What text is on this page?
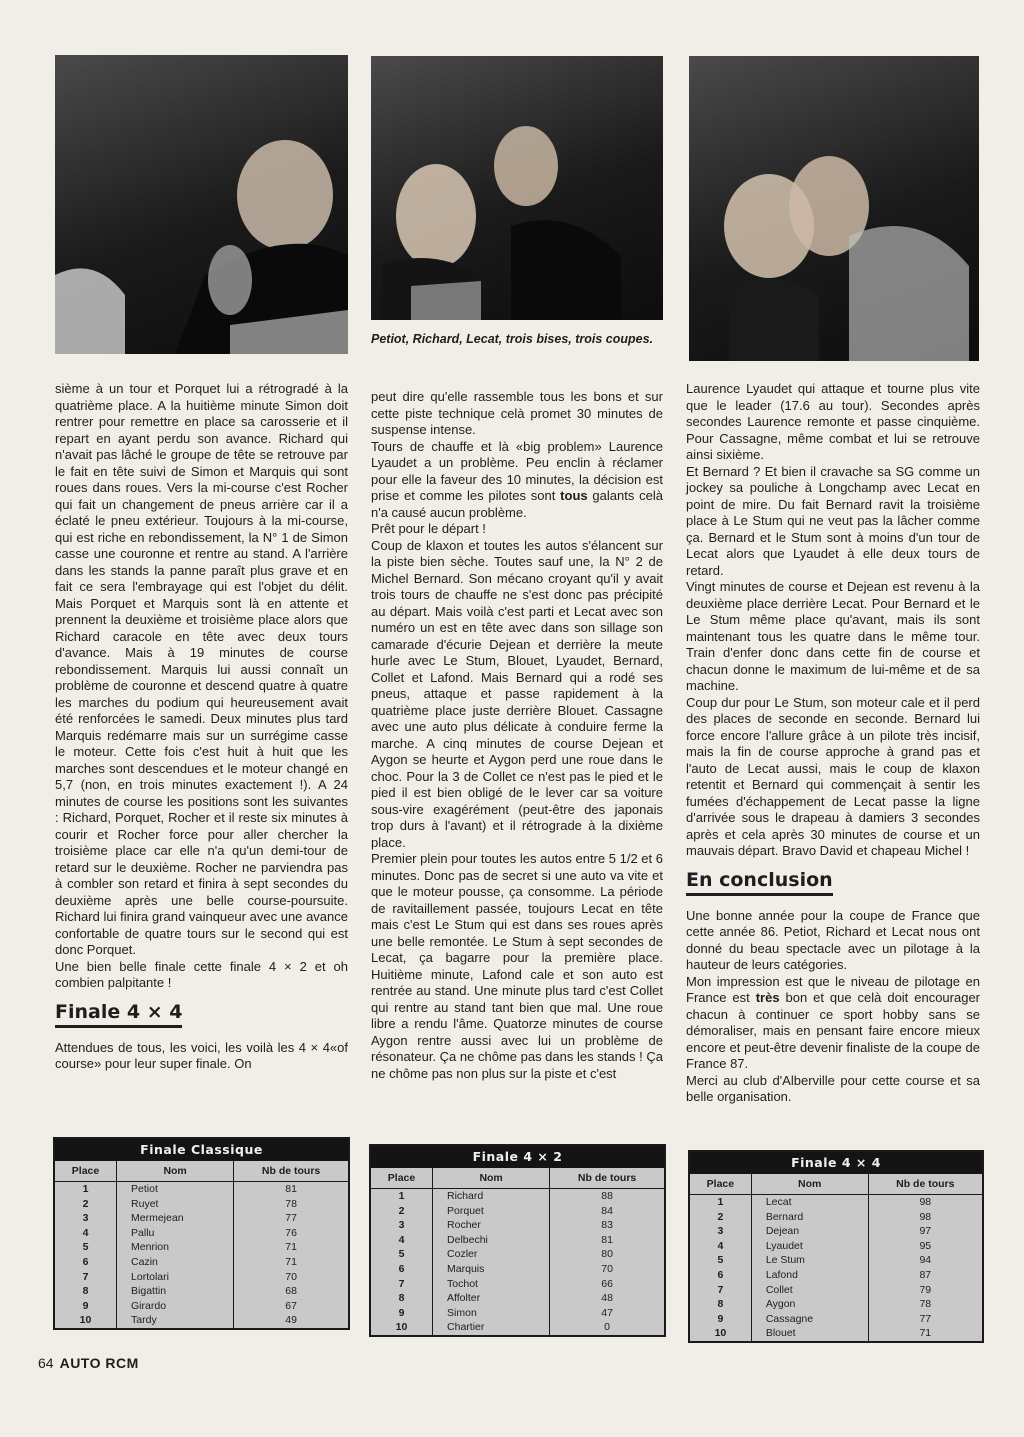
Petiot, Richard, Lecat, trois bises, trois coupes.

sième à un tour et Porquet lui a rétrogradé à la quatrième place. A la huitième minute Simon doit rentrer pour remettre en place sa carosserie et il repart en ayant perdu son avance. Richard qui n'avait pas lâché le groupe de tête se retrouve par le fait en tête suivi de Simon et Marquis qui sont roues dans roues. Vers la mi-course c'est Rocher qui fait un changement de pneus arrière car il a éclaté le pneu extérieur. Toujours à la mi-course, qui est riche en rebondissement, la N° 1 de Simon casse une couronne et rentre au stand. A l'arrière dans les stands la panne paraît plus grave et en fait ce sera l'embrayage qui est l'objet du délit. Mais Porquet et Marquis sont là en attente et prennent la deuxième et troisième place alors que Richard caracole en tête avec deux tours d'avance. Mais à 19 minutes de course rebondissement. Marquis lui aussi connaît un problème de couronne et descend quatre à quatre les marches du podium qui heureusement avait été renforcées le samedi. Deux minutes plus tard Marquis redémarre mais sur un surrégime casse le moteur. Cette fois c'est huit à huit que les marches sont descendues et le moteur changé en 5,7 (non, en trois minutes exactement !). A 24 minutes de course les positions sont les suivantes : Richard, Porquet, Rocher et il reste six minutes à courir et Rocher force pour aller chercher la troisième place car elle n'a qu'un demi-tour de retard sur le deuxième. Rocher ne parviendra pas à combler son retard et finira à sept secondes du deuxième après une belle course-poursuite. Richard lui finira grand vainqueur avec une avance confortable de quatre tours sur le second qui est donc Porquet.

Une bien belle finale cette finale 4 × 2 et oh combien palpitante !

Finale 4 × 4

Attendues de tous, les voici, les voilà les 4 × 4«of course» pour leur super finale. On

peut dire qu'elle rassemble tous les bons et sur cette piste technique celà promet 30 minutes de suspense intense.

Tours de chauffe et là «big problem» Laurence Lyaudet a un problème. Peu enclin à réclamer pour elle la faveur des 10 minutes, la décision est prise et comme les pilotes sont tous galants celà n'a causé aucun problème.

Prêt pour le départ !

Coup de klaxon et toutes les autos s'élancent sur la piste bien sèche. Toutes sauf une, la N° 2 de Michel Bernard. Son mécano croyant qu'il y avait trois tours de chauffe ne s'est donc pas précipité au départ. Mais voilà c'est parti et Lecat avec son numéro un est en tête avec dans son sillage son camarade d'écurie Dejean et derrière la meute hurle avec Le Stum, Blouet, Lyaudet, Bernard, Collet et Lafond. Mais Bernard qui a rodé ses pneus, attaque et passe rapidement à la quatrième place juste derrière Blouet. Cassagne avec une auto plus délicate à conduire ferme la marche. A cinq minutes de course Dejean et Aygon se heurte et Aygon perd une roue dans le choc. Pour la 3 de Collet ce n'est pas le pied et le pied il est bien obligé de le lever car sa voiture sous-vire exagérément (peut-être des japonais trop durs à l'avant) et il rétrograde à la dixième place.

Premier plein pour toutes les autos entre 5 1/2 et 6 minutes. Donc pas de secret si une auto va vite et que le moteur pousse, ça consomme. La période de ravitaillement passée, toujours Lecat en tête mais c'est Le Stum qui est dans ses roues après une belle remontée. Le Stum à sept secondes de Lecat, ça bagarre pour la première place. Huitième minute, Lafond cale et son auto est rentrée au stand. Une minute plus tard c'est Collet qui rentre au stand tant bien que mal. Une roue libre a rendu l'âme. Quatorze minutes de course Aygon rentre aussi avec lui un problème de résonateur. Ça ne chôme pas dans les stands ! Ça ne chôme pas non plus sur la piste et c'est

Laurence Lyaudet qui attaque et tourne plus vite que le leader (17.6 au tour). Secondes après secondes Laurence remonte et passe cinquième. Pour Cassagne, même combat et lui se retrouve ainsi sixième.

Et Bernard ? Et bien il cravache sa SG comme un jockey sa pouliche à Longchamp avec Lecat en point de mire. Du fait Bernard ravit la troisième place à Le Stum qui ne veut pas la lâcher comme ça. Bernard et le Stum sont à moins d'un tour de Lecat alors que Lyaudet à elle deux tours de retard.

Vingt minutes de course et Dejean est revenu à la deuxième place derrière Lecat. Pour Bernard et le Le Stum même place qu'avant, mais ils sont maintenant tous les quatre dans le même tour. Train d'enfer donc dans cette fin de course et chacun donne le maximum de lui-même et de sa machine.

Coup dur pour Le Stum, son moteur cale et il perd des places de seconde en seconde. Bernard lui force encore l'allure grâce à un pilote très incisif, mais la fin de course approche à grand pas et l'auto de Lecat aussi, mais le coup de klaxon retentit et Bernard qui commençait à sentir les fumées d'échappement de Lecat passe la ligne d'arrivée sous le drapeau à damiers 3 secondes après et cela après 30 minutes de course et un mauvais départ. Bravo David et chapeau Michel !

En conclusion

Une bonne année pour la coupe de France que cette année 86. Petiot, Richard et Lecat nous ont donné du beau spectacle avec un pilotage à la hauteur de leurs catégories.

Mon impression est que le niveau de pilotage en France est très bon et que celà doit encourager chacun à continuer ce sport hobby sans se démoraliser, mais en pensant faire encore mieux encore et peut-être devenir finaliste de la coupe de France 87.

Merci au club d'Alberville pour cette course et sa belle organisation.

Finale Classique
Place	Nom	Nb de tours
1	Petiot	81
2	Ruyet	78
3	Mermejean	77
4	Pallu	76
5	Menrion	71
6	Cazin	71
7	Lortolari	70
8	Bigattin	68
9	Girardo	67
10	Tardy	49
Finale 4 × 2
Place	Nom	Nb de tours
1	Richard	88
2	Porquet	84
3	Rocher	83
4	Delbechi	81
5	Cozler	80
6	Marquis	70
7	Tochot	66
8	Affolter	48
9	Simon	47
10	Chartier	0
Finale 4 × 4
Place	Nom	Nb de tours
1	Lecat	98
2	Bernard	98
3	Dejean	97
4	Lyaudet	95
5	Le Stum	94
6	Lafond	87
7	Collet	79
8	Aygon	78
9	Cassagne	77
10	Blouet	71
64 AUTO RCM
